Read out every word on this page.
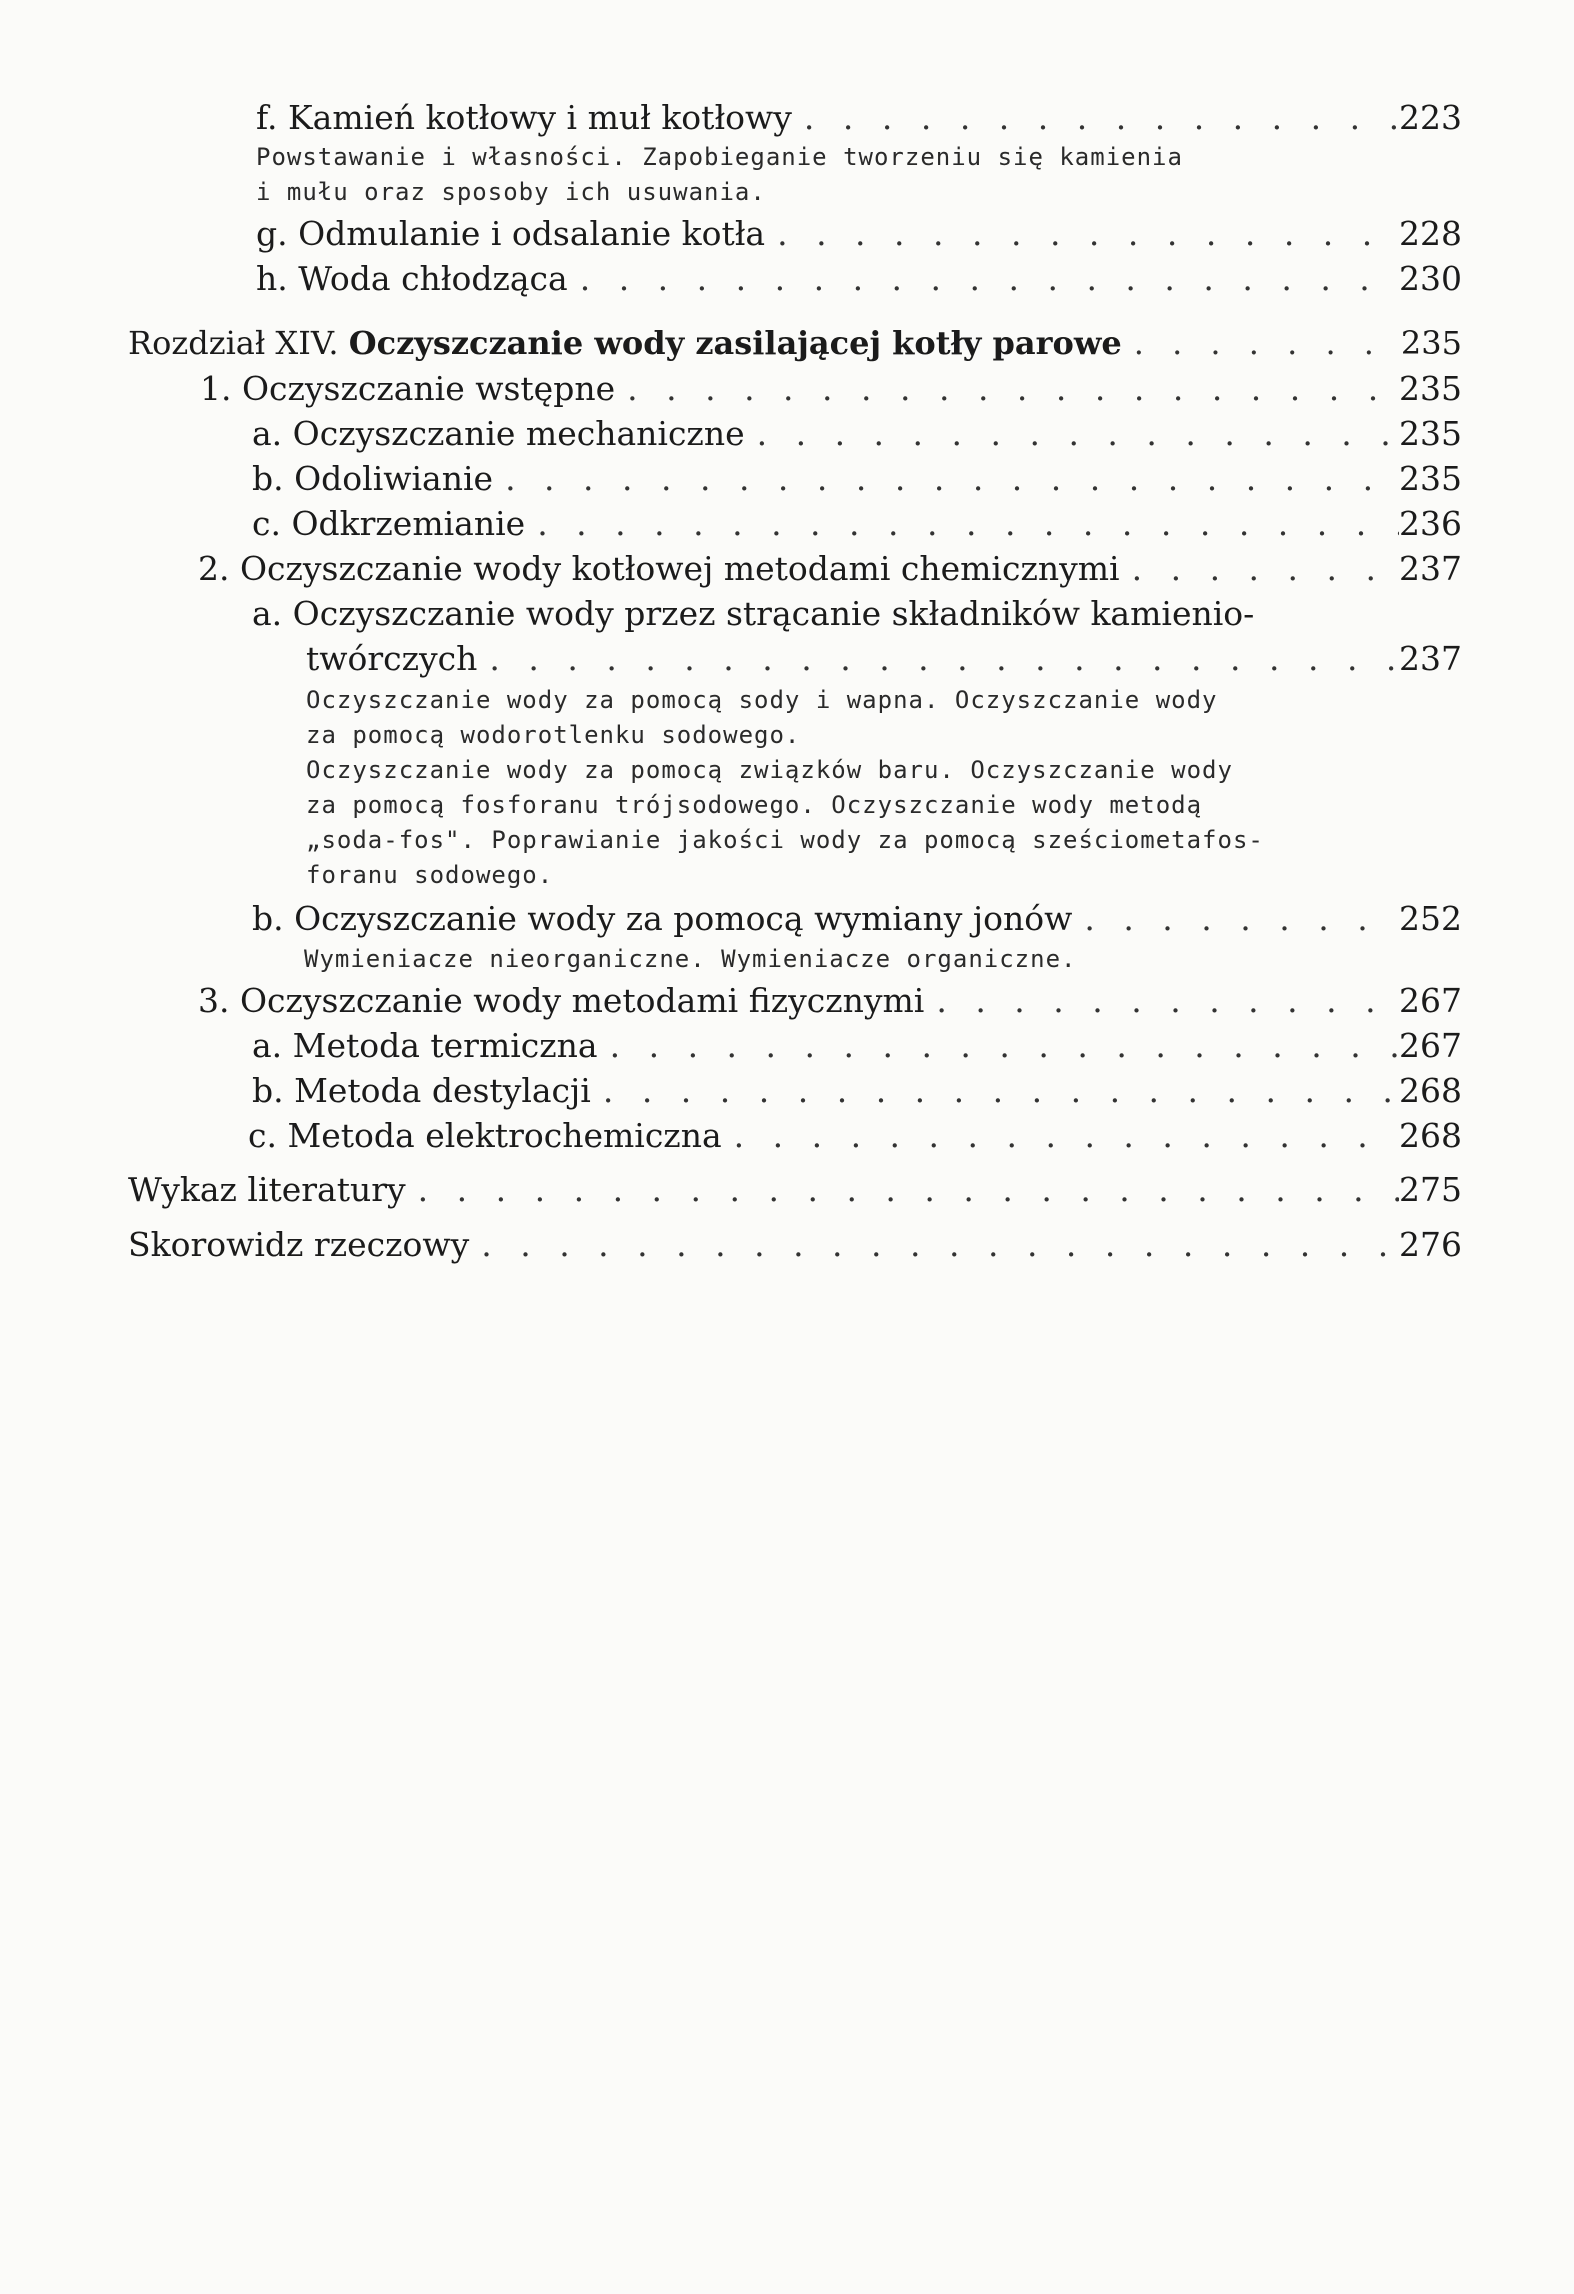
f. Kamień kotłowy i muł kotłowy . . .	223
Powstawanie i własności. Zapobieganie tworzeniu się kamienia
i mułu oraz sposoby ich usuwania.
g. Odmulanie i odsalanie kotła . . .	228
h. Woda chłodząca . . .	230
Rozdział XIV. Oczyszczanie wody zasilającej kotły parowe . . .	235
1. Oczyszczanie wstępne . . .	235
a. Oczyszczanie mechaniczne . . .	235
b. Odoliwianie . . .	235
c. Odkrzemianie . . .	236
2. Oczyszczanie wody kotłowej metodami chemicznymi . . .	237
a. Oczyszczanie wody przez strącanie składników kamienio-
twórczych . . .	237
Oczyszczanie wody za pomocą sody i wapna. Oczyszczanie wody
za pomocą wodorotlenku sodowego.
Oczyszczanie wody za pomocą związków baru. Oczyszczanie wody
za pomocą fosforanu trójsodowego. Oczyszczanie wody metodą
„soda-fos". Poprawianie jakości wody za pomocą sześciometafos-
foranu sodowego.
b. Oczyszczanie wody za pomocą wymiany jonów . . .	252
Wymieniacze nieorganiczne. Wymieniacze organiczne.
3. Oczyszczanie wody metodami fizycznymi . . .	267
a. Metoda termiczna . . .	267
b. Metoda destylacji . . .	268
c. Metoda elektrochemiczna . . .	268
Wykaz literatury . . .	275
Skorowidz rzeczowy . . .	276
